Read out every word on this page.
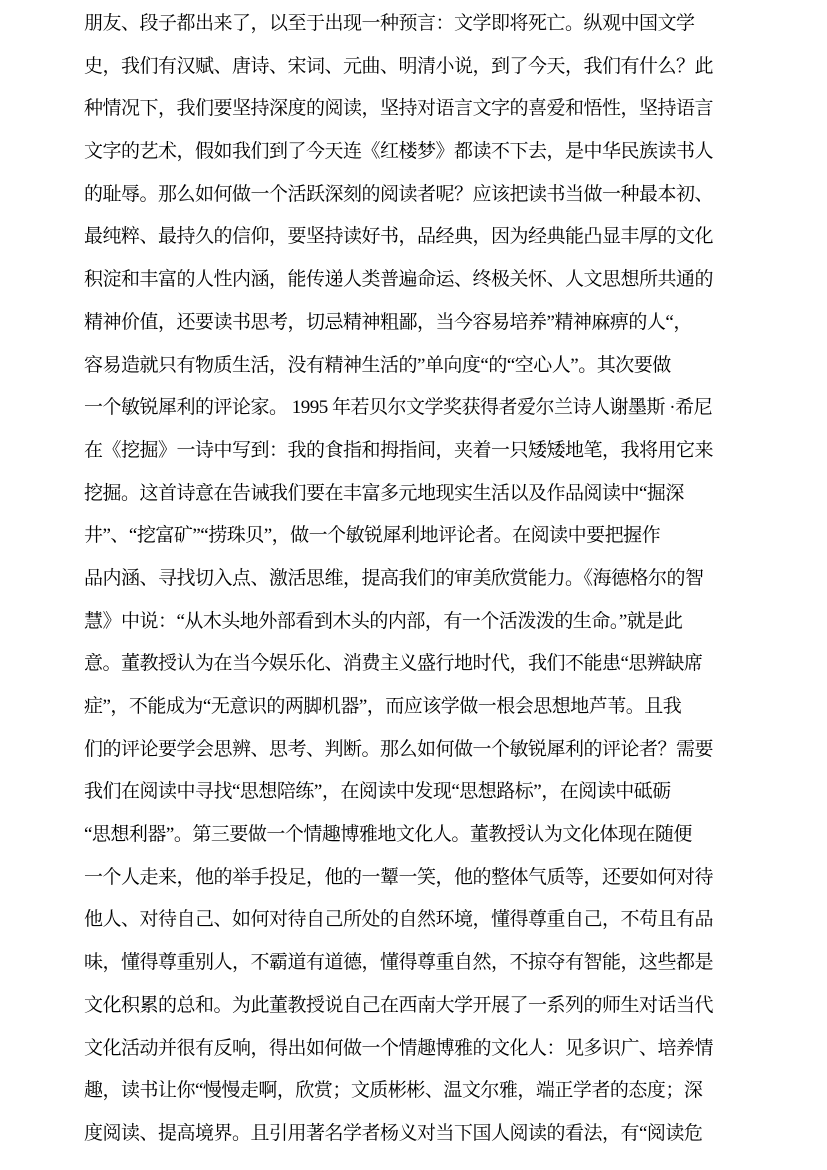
朋友、段子都出来了，以至于出现一种预言：文学即将死亡。纵观中国文学
史，我们有汉赋、唐诗、宋词、元曲、明清小说，到了今天，我们有什么？此
种情况下，我们要坚持深度的阅读，坚持对语言文字的喜爱和悟性，坚持语言
文字的艺术，假如我们到了今天连《红楼梦》都读不下去，是中华民族读书人
的耻辱。那么如何做一个活跃深刻的阅读者呢？应该把读书当做一种最本初、
最纯粹、最持久的信仰，要坚持读好书，品经典，因为经典能凸显丰厚的文化
积淀和丰富的人性内涵，能传递人类普遍命运、终极关怀、人文思想所共通的
精神价值，还要读书思考，切忌精神粗鄙，当今容易培养”精神麻痹的人“，
容易造就只有物质生活，没有精神生活的”单向度“的“空心人”。其次要做
一个敏锐犀利的评论家。 1995 年若贝尔文学奖获得者爱尔兰诗人谢墨斯 ·希尼
在《挖掘》一诗中写到：我的食指和拇指间，夹着一只矮矮地笔，我将用它来
挖掘。这首诗意在告诫我们要在丰富多元地现实生活以及作品阅读中“掘深
井”、“挖富矿”“捞珠贝”，做一个敏锐犀利地评论者。在阅读中要把握作
品内涵、寻找切入点、激活思维，提高我们的审美欣赏能力。《海德格尔的智
慧》中说：“从木头地外部看到木头的内部，有一个活泼泼的生命。”就是此
意。董教授认为在当今娱乐化、消费主义盛行地时代，我们不能患“思辨缺席
症”，不能成为“无意识的两脚机器”，而应该学做一根会思想地芦苇。且我
们的评论要学会思辨、思考、判断。那么如何做一个敏锐犀利的评论者？需要
我们在阅读中寻找“思想陪练”，在阅读中发现“思想路标”，在阅读中砥砺
“思想利器”。第三要做一个情趣博雅地文化人。董教授认为文化体现在随便
一个人走来，他的举手投足，他的一颦一笑，他的整体气质等，还要如何对待
他人、对待自己、如何对待自己所处的自然环境，懂得尊重自己，不苟且有品
味，懂得尊重别人，不霸道有道德，懂得尊重自然，不掠夺有智能，这些都是
文化积累的总和。为此董教授说自己在西南大学开展了一系列的师生对话当代
文化活动并很有反响，得出如何做一个情趣博雅的文化人：见多识广、培养情
趣，读书让你“慢慢走啊，欣赏；文质彬彬、温文尔雅，端正学者的态度；深
度阅读、提高境界。且引用著名学者杨义对当下国人阅读的看法，有“阅读危
